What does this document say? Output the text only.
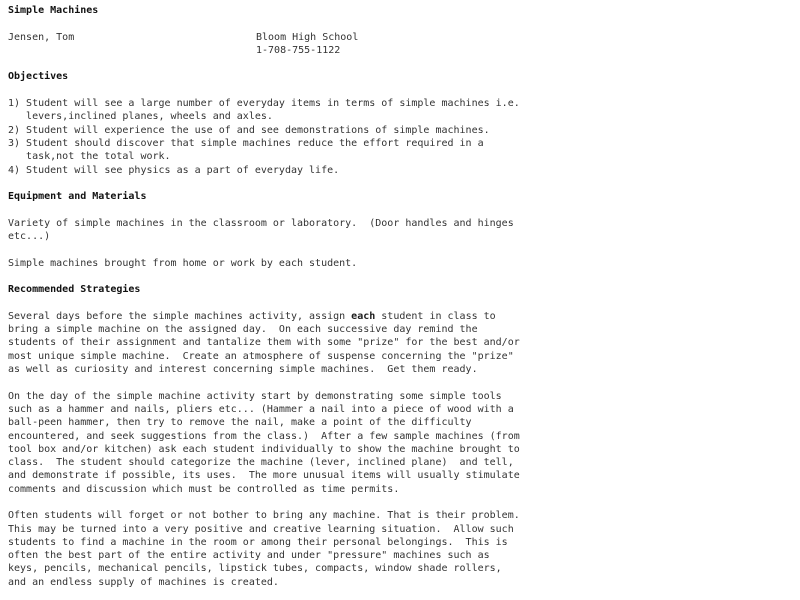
Simple Machines
Jensen, Tom	Bloom High School
1-708-755-1122
Objectives
1) Student will see a large number of everyday items in terms of simple machines i.e.
levers,inclined planes, wheels and axles.
2) Student will experience the use of and see demonstrations of simple machines.
3) Student should discover that simple machines reduce the effort required in a
task,not the total work.
4) Student will see physics as a part of everyday life.
Equipment and Materials
Variety of simple machines in the classroom or laboratory.  (Door handles and hinges
etc...)
Simple machines brought from home or work by each student.
Recommended Strategies
Several days before the simple machines activity, assign each student in class to
bring a simple machine on the assigned day.  On each successive day remind the
students of their assignment and tantalize them with some "prize" for the best and/or
most unique simple machine.  Create an atmosphere of suspense concerning the "prize"
as well as curiosity and interest concerning simple machines.  Get them ready.
On the day of the simple machine activity start by demonstrating some simple tools
such as a hammer and nails, pliers etc... (Hammer a nail into a piece of wood with a
ball-peen hammer, then try to remove the nail, make a point of the difficulty
encountered, and seek suggestions from the class.)  After a few sample machines (from
tool box and/or kitchen) ask each student individually to show the machine brought to
class.  The student should categorize the machine (lever, inclined plane)  and tell,
and demonstrate if possible, its uses.  The more unusual items will usually stimulate
comments and discussion which must be controlled as time permits.
Often students will forget or not bother to bring any machine. That is their problem.
This may be turned into a very positive and creative learning situation.  Allow such
students to find a machine in the room or among their personal belongings.  This is
often the best part of the entire activity and under "pressure" machines such as
keys, pencils, mechanical pencils, lipstick tubes, compacts, window shade rollers,
and an endless supply of machines is created.
